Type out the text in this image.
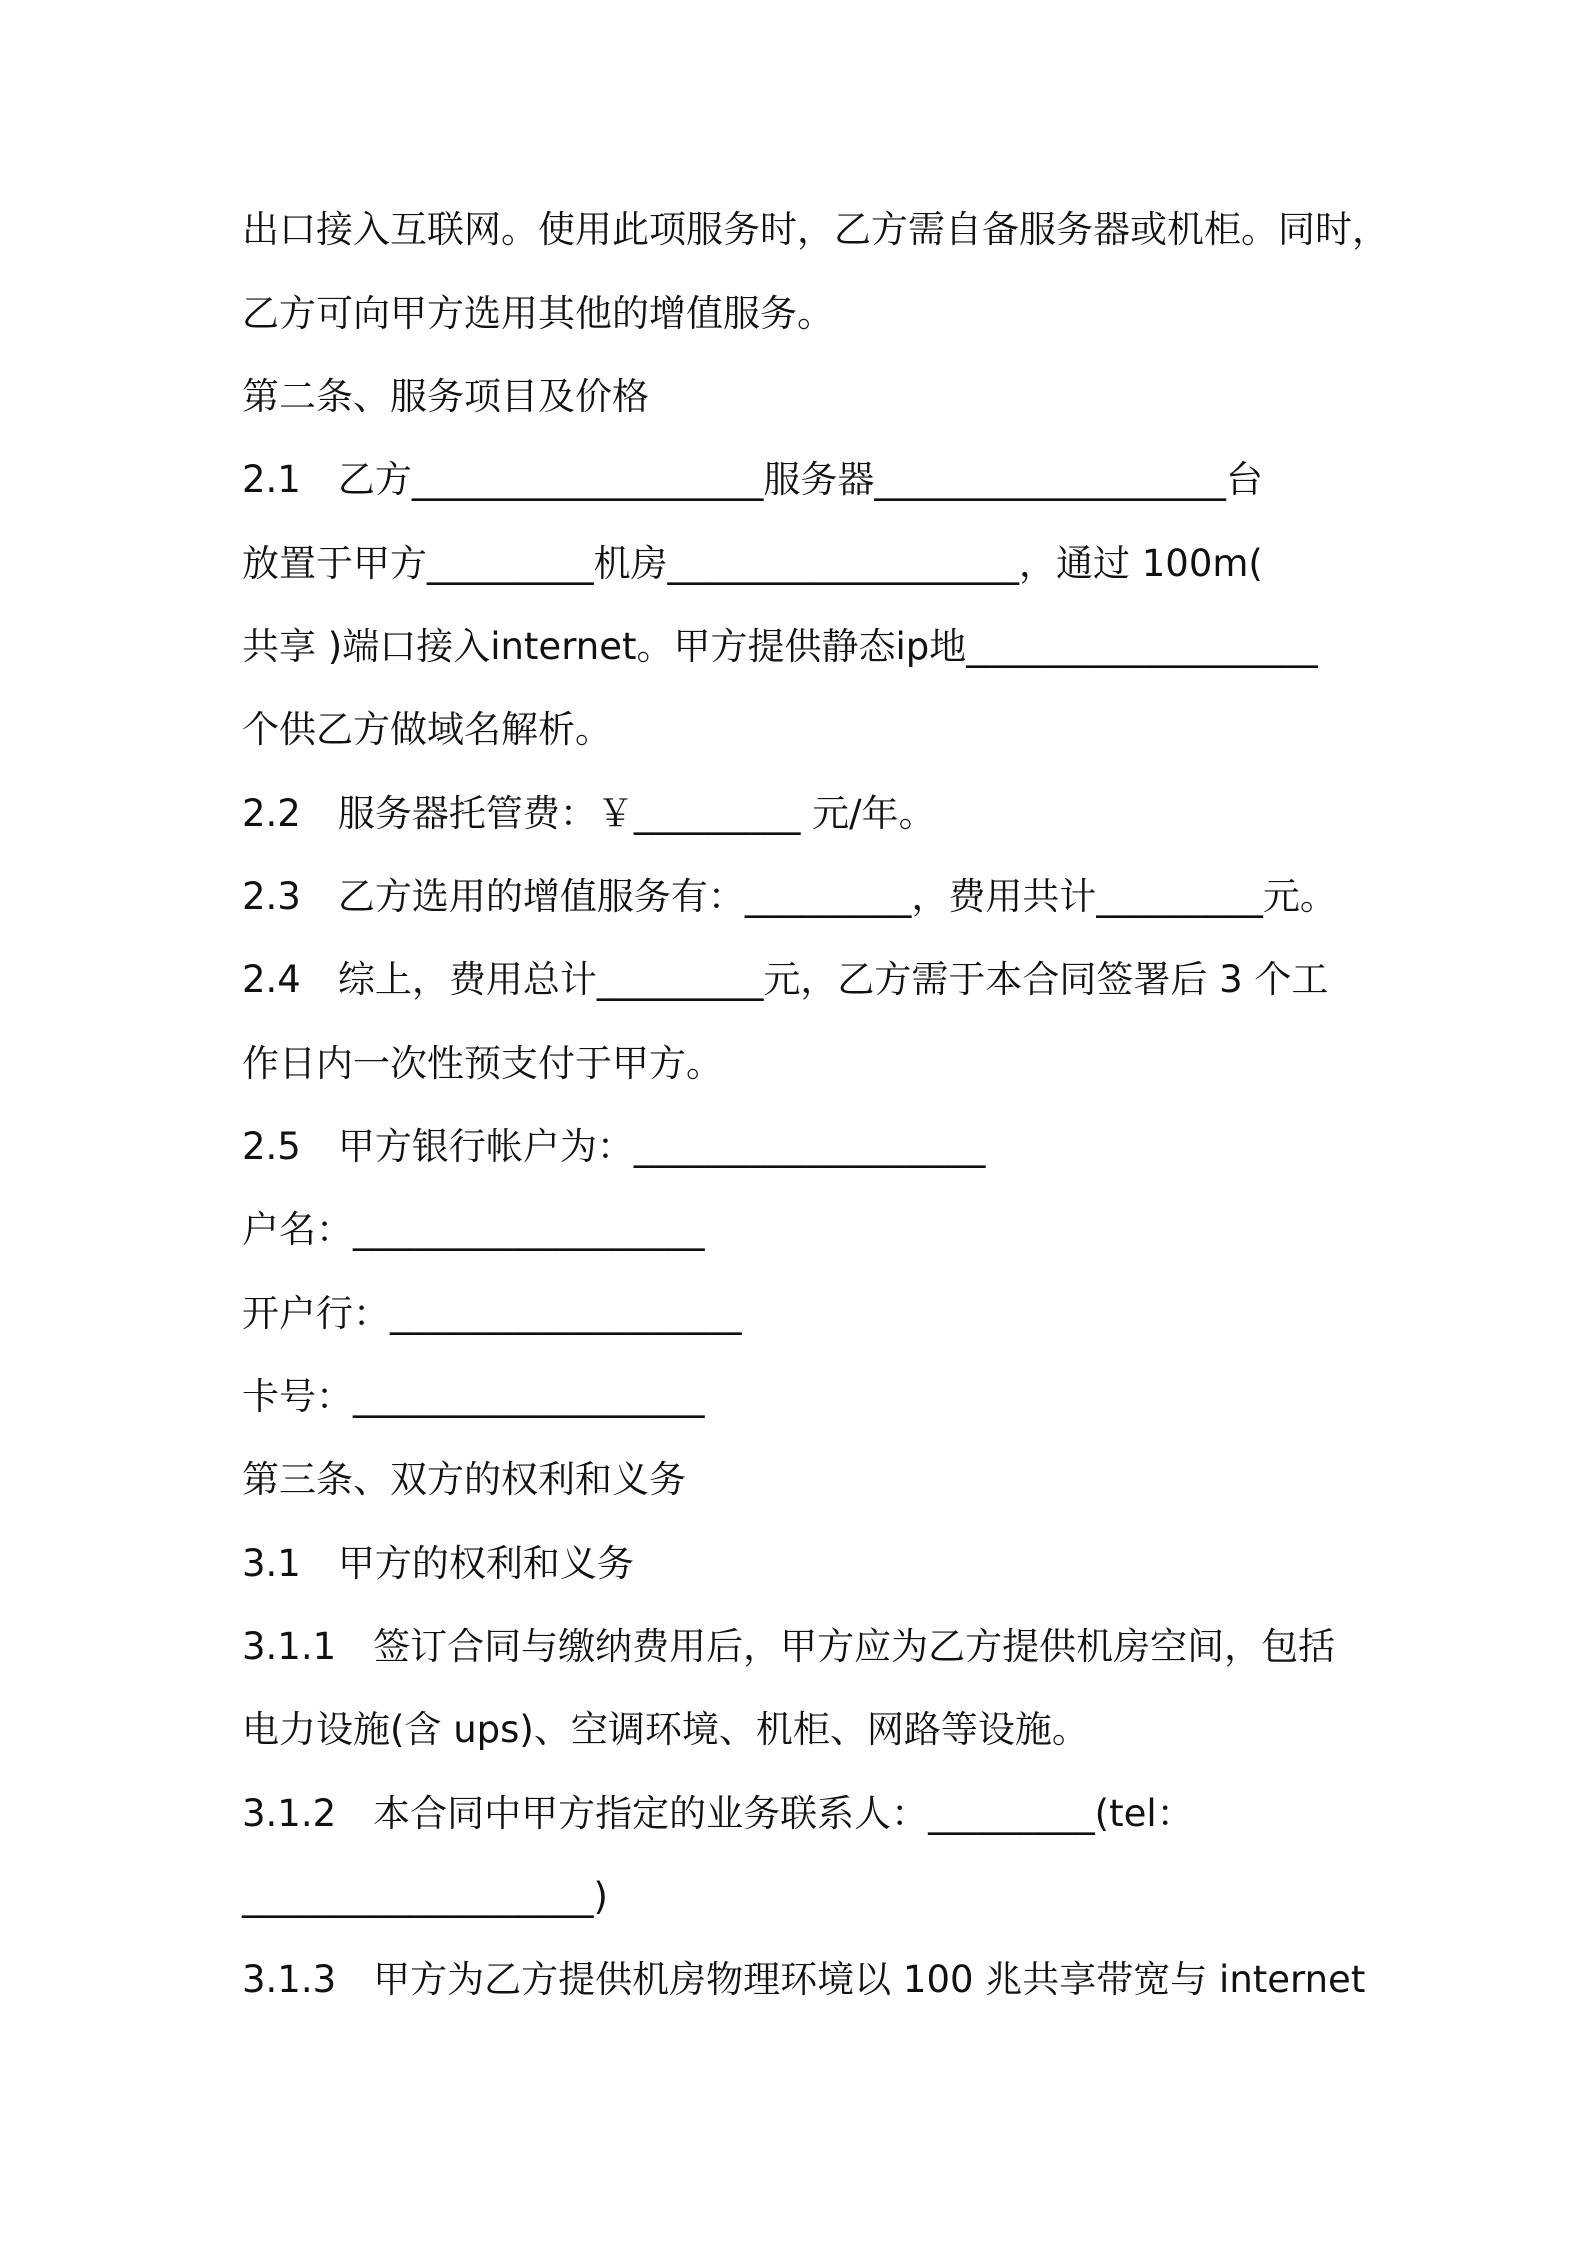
出口接入互联网。使用此项服务时，乙方需自备服务器或机柜。同时，
乙方可向甲方选用其他的增值服务。
第二条、服务项目及价格
2.1　乙方___________________服务器___________________台
放置于甲方_________机房___________________，通过 100m(
共享 )端口接入internet。甲方提供静态ip地___________________
个供乙方做域名解析。
2.2　服务器托管费：￥_________ 元/年。
2.3　乙方选用的增值服务有：_________，费用共计_________元。
2.4　综上，费用总计_________元，乙方需于本合同签署后 3 个工
作日内一次性预支付于甲方。
2.5　甲方银行帐户为：___________________
户名：___________________
开户行：___________________
卡号：___________________
第三条、双方的权利和义务
3.1　甲方的权利和义务
3.1.1　签订合同与缴纳费用后，甲方应为乙方提供机房空间，包括
电力设施(含 ups)、空调环境、机柜、网路等设施。
3.1.2　本合同中甲方指定的业务联系人：_________(tel：
___________________)
3.1.3　甲方为乙方提供机房物理环境以 100 兆共享带宽与 internet
